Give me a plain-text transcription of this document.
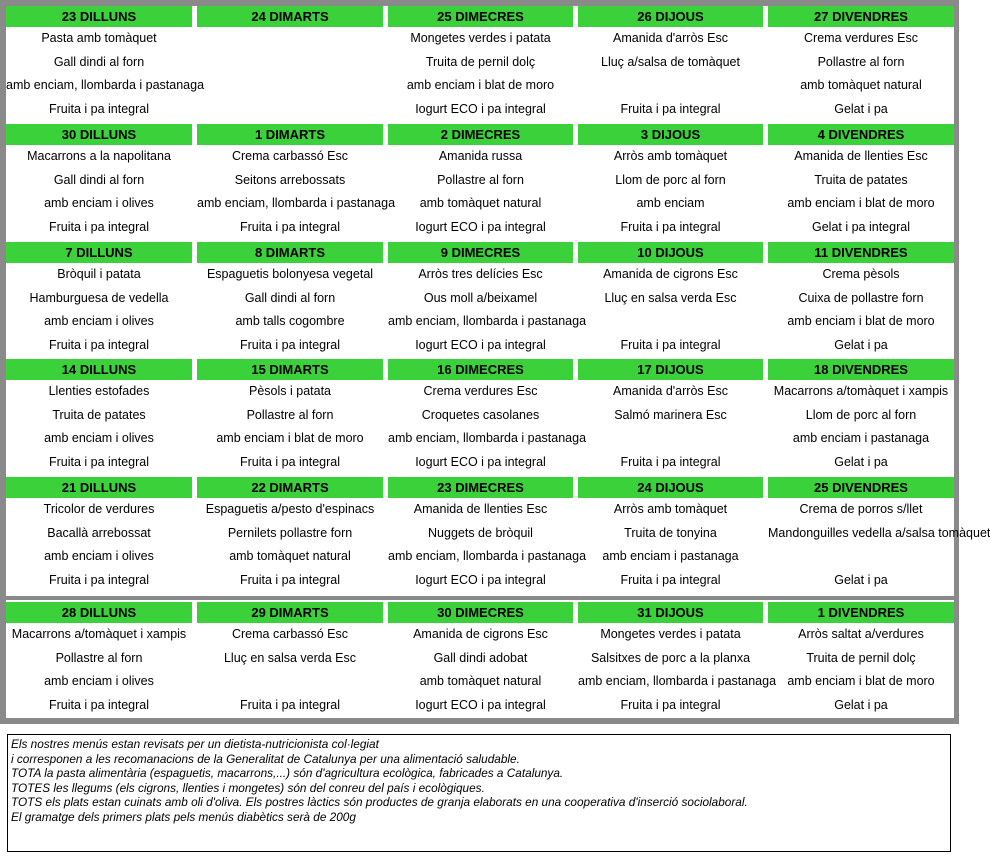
23 DILLUNS
Pasta amb tomàquet
Gall dindi al forn
amb enciam, llombarda i pastanaga
Fruita i pa integral
24 DIMARTS	25 DIMECRES
Mongetes verdes i patata
Truita de pernil dolç
amb enciam i blat de moro
Iogurt ECO i pa integral
26 DIJOUS
Amanida d'arròs Esc
Lluç a/salsa de tomàquet
Fruita i pa integral
27 DIVENDRES
Crema verdures Esc
Pollastre al forn
amb tomàquet natural
Gelat i pa
30 DILLUNS
Macarrons a la napolitana
Gall dindi al forn
amb enciam i olives
Fruita i pa integral
1 DIMARTS
Crema carbassó Esc
Seitons arrebossats
amb enciam, llombarda i pastanaga
Fruita i pa integral
2 DIMECRES
Amanida russa
Pollastre al forn
amb tomàquet natural
Iogurt ECO i pa integral
3 DIJOUS
Arròs amb tomàquet
Llom de porc al forn
amb enciam
Fruita i pa integral
4 DIVENDRES
Amanida de llenties Esc
Truita de patates
amb enciam i blat de moro
Gelat i pa integral
7 DILLUNS
Bròquil i patata
Hamburguesa de vedella
amb enciam i olives
Fruita i pa integral
8 DIMARTS
Espaguetis bolonyesa vegetal
Gall dindi al forn
amb talls cogombre
Fruita i pa integral
9 DIMECRES
Arròs tres delícies Esc
Ous moll a/beixamel
amb enciam, llombarda i pastanaga
Iogurt ECO i pa integral
10 DIJOUS
Amanida de cigrons Esc
Lluç en salsa verda Esc
Fruita i pa integral
11 DIVENDRES
Crema pèsols
Cuixa de pollastre forn
amb enciam i blat de moro
Gelat i pa
14 DILLUNS
Llenties estofades
Truita de patates
amb enciam i olives
Fruita i pa integral
15 DIMARTS
Pèsols i patata
Pollastre al forn
amb enciam i blat de moro
Fruita i pa integral
16 DIMECRES
Crema verdures Esc
Croquetes casolanes
amb enciam, llombarda i pastanaga
Iogurt ECO i pa integral
17 DIJOUS
Amanida d'arròs Esc
Salmó marinera Esc
Fruita i pa integral
18 DIVENDRES
Macarrons a/tomàquet i xampis
Llom de porc al forn
amb enciam i pastanaga
Gelat i pa
21 DILLUNS
Tricolor de verdures
Bacallà arrebossat
amb enciam i olives
Fruita i pa integral
22 DIMARTS
Espaguetis a/pesto d'espinacs
Pernilets pollastre forn
amb tomàquet natural
Fruita i pa integral
23 DIMECRES
Amanida de llenties Esc
Nuggets de bròquil
amb enciam, llombarda i pastanaga
Iogurt ECO i pa integral
24 DIJOUS
Arròs amb tomàquet
Truita de tonyina
amb enciam i pastanaga
Fruita i pa integral
25 DIVENDRES
Crema de porros s/llet
Mandonguilles vedella a/salsa tomàquet
Gelat i pa
28 DILLUNS
Macarrons a/tomàquet i xampis
Pollastre al forn
amb enciam i olives
Fruita i pa integral
29 DIMARTS
Crema carbassó Esc
Lluç en salsa verda Esc
Fruita i pa integral
30 DIMECRES
Amanida de cigrons Esc
Gall dindi adobat
amb tomàquet natural
Iogurt ECO i pa integral
31 DIJOUS
Mongetes verdes i patata
Salsitxes de porc a la planxa
amb enciam, llombarda i pastanaga
Fruita i pa integral
1 DIVENDRES
Arròs saltat a/verdures
Truita de pernil dolç
amb enciam i blat de moro
Gelat i pa
Els nostres menús estan revisats per un dietista-nutricionista col·legiat
i corresponen a les recomanacions de la Generalitat de Catalunya per una alimentació saludable.
TOTA la pasta alimentària (espaguetis, macarrons,...) són d'agricultura ecològica, fabricades a Catalunya.
TOTES les llegums (els cigrons, llenties i mongetes) són del conreu del país i ecològiques.
TOTS els plats estan cuinats amb oli d'oliva. Els postres làctics són productes de granja elaborats en una cooperativa d'inserció sociolaboral.
El gramatge dels primers plats pels menús diabètics serà de 200g
